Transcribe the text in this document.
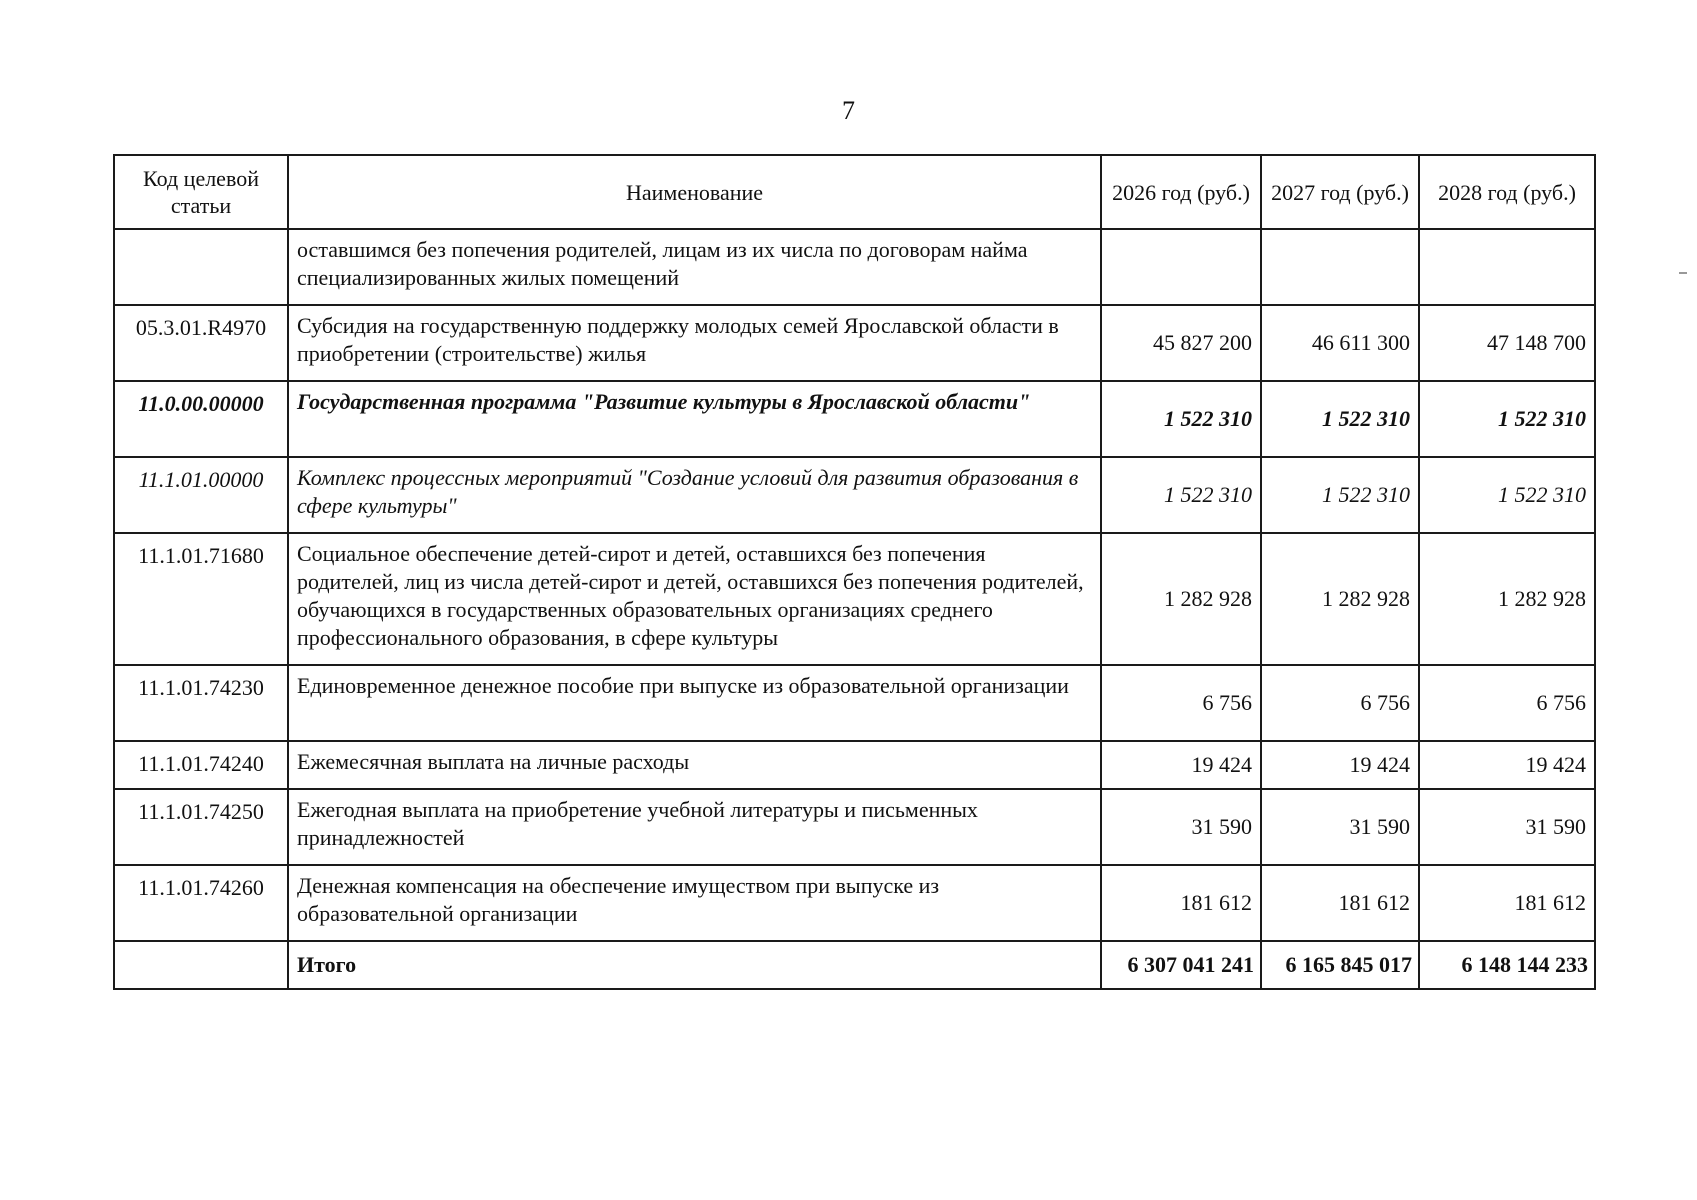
7
Код целевой статьи	Наименование	2026 год (руб.)	2027 год (руб.)	2028 год (руб.)
	оставшимся без попечения родителей, лицам из их числа по договорам найма специализированных жилых помещений			
05.3.01.R4970	Субсидия на государственную поддержку молодых семей Ярославской области в приобретении (строительстве) жилья	45 827 200	46 611 300	47 148 700
11.0.00.00000	Государственная программа "Развитие культуры в Ярославской области"	1 522 310	1 522 310	1 522 310
11.1.01.00000	Комплекс процессных мероприятий "Создание условий для развития образования в сфере культуры"	1 522 310	1 522 310	1 522 310
11.1.01.71680	Социальное обеспечение детей-сирот и детей, оставшихся без попечения родителей, лиц из числа детей-сирот и детей, оставшихся без попечения родителей, обучающихся в государственных образовательных организациях среднего профессионального образования, в сфере культуры	1 282 928	1 282 928	1 282 928
11.1.01.74230	Единовременное денежное пособие при выпуске из образовательной организации	6 756	6 756	6 756
11.1.01.74240	Ежемесячная выплата на личные расходы	19 424	19 424	19 424
11.1.01.74250	Ежегодная выплата на приобретение учебной литературы и письменных принадлежностей	31 590	31 590	31 590
11.1.01.74260	Денежная компенсация на обеспечение имуществом при выпуске из образовательной организации	181 612	181 612	181 612
	Итого	6 307 041 241	6 165 845 017	6 148 144 233
